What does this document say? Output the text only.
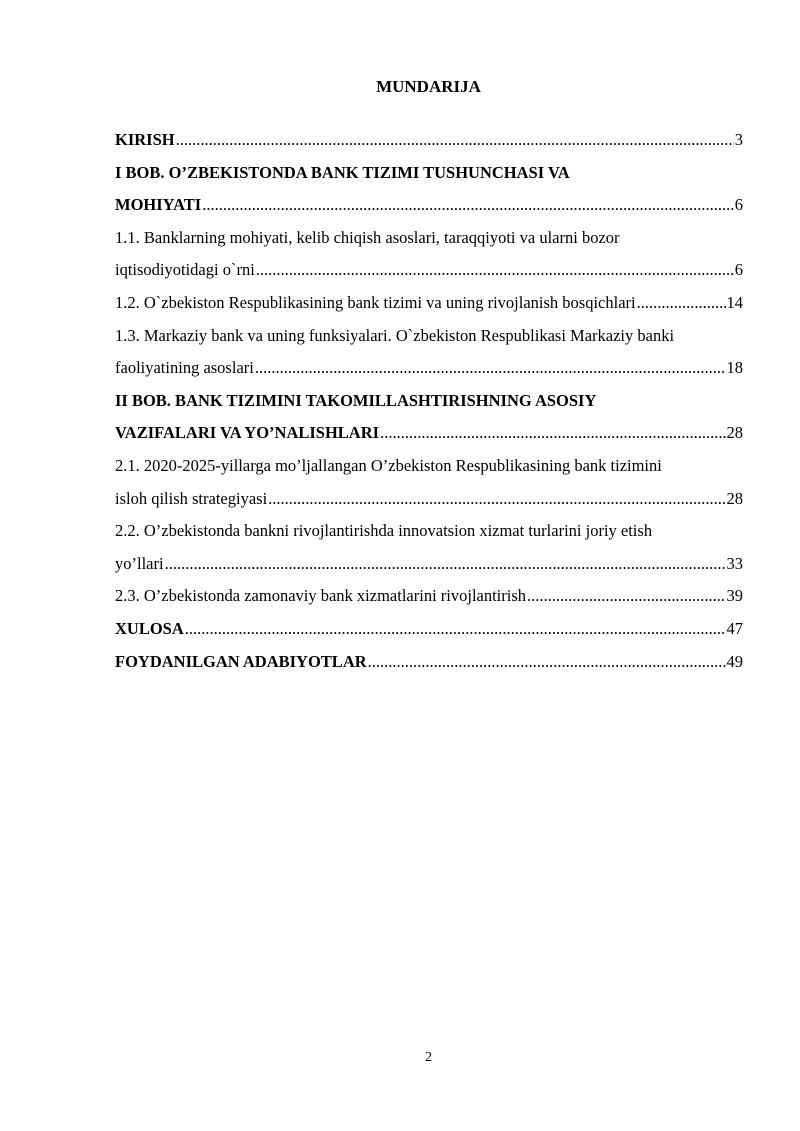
MUNDARIJA
KIRISH .....	3
I BOB. O’ZBEKISTONDA BANK TIZIMI TUSHUNCHASI VA
MOHIYATI .....	6
1.1. Banklarning mohiyati, kelib chiqish asoslari, taraqqiyoti va ularni bozor
iqtisodiyotidagi o`rni .....	6
1.2. O`zbekiston Respublikasining bank tizimi va uning rivojlanish bosqichlari .....	14
1.3. Markaziy bank va uning funksiyalari. O`zbekiston Respublikasi Markaziy banki
faoliyatining asoslari .....	18
II BOB. BANK TIZIMINI TAKOMILLASHTIRISHNING ASOSIY
VAZIFALARI VA YO’NALISHLARI .....	28
2.1. 2020-2025-yillarga mo’ljallangan O’zbekiston Respublikasining bank tizimini
isloh qilish strategiyasi .....	28
2.2. O’zbekistonda bankni rivojlantirishda innovatsion xizmat turlarini joriy etish
yo’llari .....	33
2.3. O’zbekistonda zamonaviy bank xizmatlarini rivojlantirish .....	39
XULOSA .....	47
FOYDANILGAN ADABIYOTLAR .....	49
2
